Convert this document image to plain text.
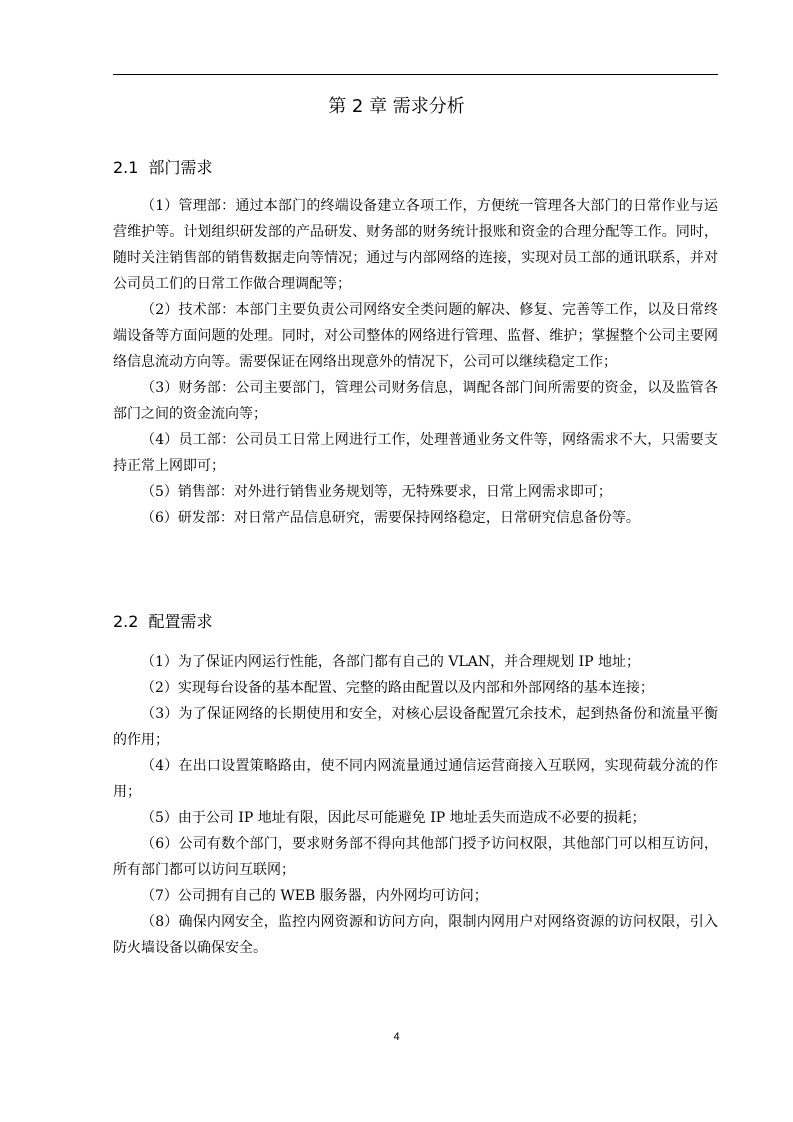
第 2 章 需求分析
2.1 部门需求

（1）管理部：通过本部门的终端设备建立各项工作，方便统一管理各大部门的日常作业与运营维护等。计划组织研发部的产品研发、财务部的财务统计报账和资金的合理分配等工作。同时，随时关注销售部的销售数据走向等情况；通过与内部网络的连接，实现对员工部的通讯联系，并对公司员工们的日常工作做合理调配等；

（2）技术部：本部门主要负责公司网络安全类问题的解决、修复、完善等工作，以及日常终端设备等方面问题的处理。同时，对公司整体的网络进行管理、监督、维护；掌握整个公司主要网络信息流动方向等。需要保证在网络出现意外的情况下，公司可以继续稳定工作；

（3）财务部：公司主要部门，管理公司财务信息，调配各部门间所需要的资金，以及监管各部门之间的资金流向等；

（4）员工部：公司员工日常上网进行工作，处理普通业务文件等，网络需求不大，只需要支持正常上网即可；

（5）销售部：对外进行销售业务规划等，无特殊要求，日常上网需求即可；

（6）研发部：对日常产品信息研究，需要保持网络稳定，日常研究信息备份等。

2.2 配置需求

（1）为了保证内网运行性能，各部门都有自己的 VLAN，并合理规划 IP 地址；

（2）实现每台设备的基本配置、完整的路由配置以及内部和外部网络的基本连接；

（3）为了保证网络的长期使用和安全，对核心层设备配置冗余技术，起到热备份和流量平衡的作用；

（4）在出口设置策略路由，使不同内网流量通过通信运营商接入互联网，实现荷载分流的作用；

（5）由于公司 IP 地址有限，因此尽可能避免 IP 地址丢失而造成不必要的损耗；

（6）公司有数个部门，要求财务部不得向其他部门授予访问权限，其他部门可以相互访问，所有部门都可以访问互联网；

（7）公司拥有自己的 WEB 服务器，内外网均可访问；

（8）确保内网安全，监控内网资源和访问方向，限制内网用户对网络资源的访问权限，引入防火墙设备以确保安全。

4
